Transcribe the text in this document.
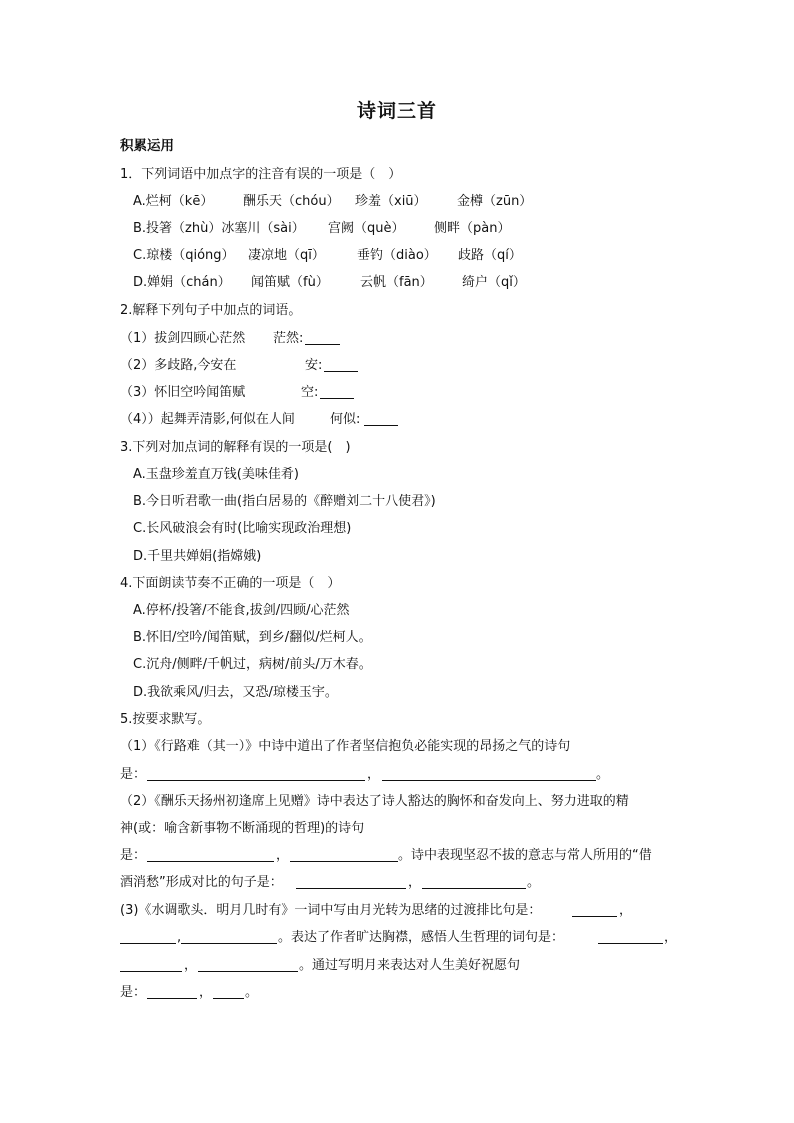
诗词三首
积累运用
1．下列词语中加点字的注音有误的一项是（　）
A.烂柯（kē） 酬乐天（chóu） 珍羞（xiū） 金樽（zūn）
B.投箸（zhù）冰塞川（sài） 宫阙（què） 侧畔（pàn）
C.琼楼（qióng） 凄凉地（qī） 垂钓（diào） 歧路（qí）
D.婵娟（chán） 闻笛赋（fù） 云帆（fān） 绮户（qǐ）
2.解释下列句子中加点的词语。
（1）拔剑四顾心茫然 茫然:
（2）多歧路,今安在	安:
（3）怀旧空吟闻笛赋	空:
（4））起舞弄清影,何似在人间	何似:
3.下列对加点词的解释有误的一项是(　)
A.玉盘珍羞直万钱(美味佳肴)
B.今日听君歌一曲(指白居易的《醉赠刘二十八使君》)
C.长风破浪会有时(比喻实现政治理想)
D.千里共婵娟(指嫦娥)
4.下面朗读节奏不正确的一项是（　）
A.停杯/投箸/不能食,拔剑/四顾/心茫然
B.怀旧/空吟/闻笛赋，到乡/翻似/烂柯人。
C.沉舟/侧畔/千帆过，病树/前头/万木春。
D.我欲乘风/归去，又恐/琼楼玉宇。
5.按要求默写。
（1）《行路难（其一）》中诗中道出了作者坚信抱负必能实现的昂扬之气的诗句
是：	，	。
（2）《酬乐天扬州初逢席上见赠》诗中表达了诗人豁达的胸怀和奋发向上、努力进取的精
神(或：喻含新事物不断涌现的哲理)的诗句
是：	，	。诗中表现坚忍不拔的意志与常人所用的“借
酒消愁”形成对比的句子是：	，	。
(3)《水调歌头．明月几时有》一词中写由月光转为思绪的过渡排比句是：	，
,	。表达了作者旷达胸襟，感悟人生哲理的词句是：	，
，	。通过写明月来表达对人生美好祝愿句
是：	，	。
